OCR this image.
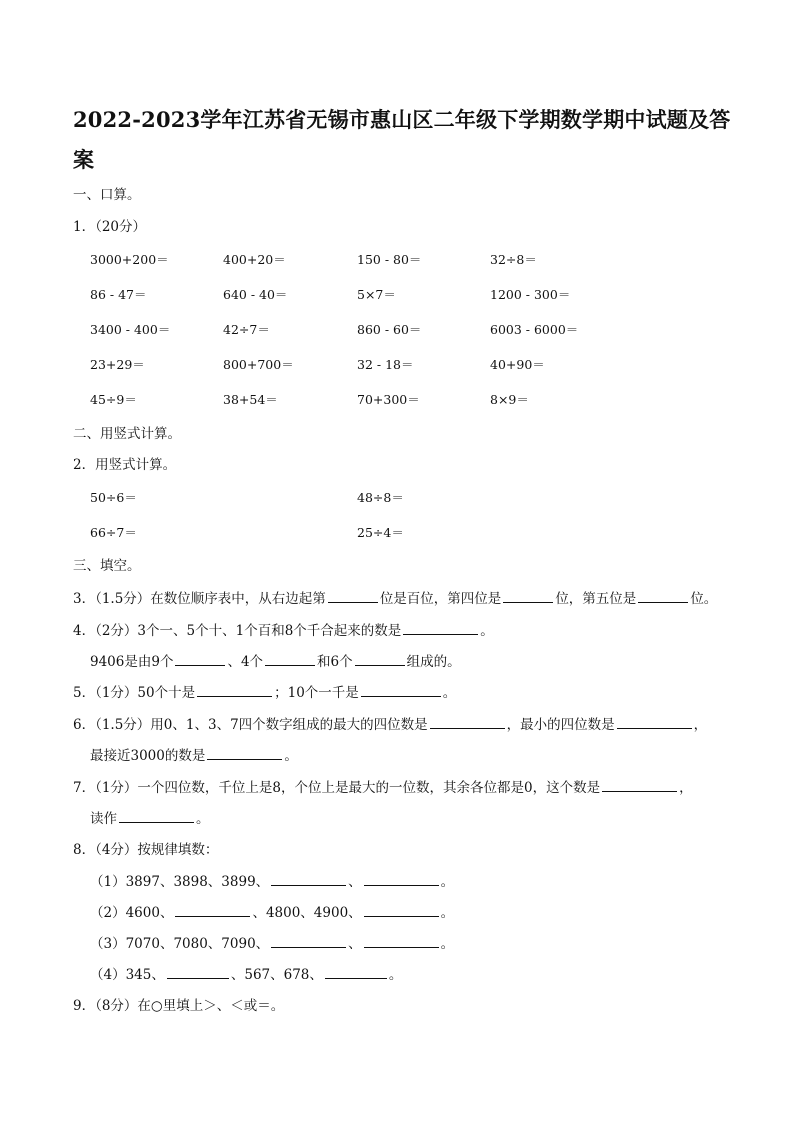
2022-2023学年江苏省无锡市惠山区二年级下学期数学期中试题及答案
一、口算。
1．（20分）
3000+200＝	400+20＝	150 - 80＝	32÷8＝
86 - 47＝	640 - 40＝	5×7＝	1200 - 300＝
3400 - 400＝	42÷7＝	860 - 60＝	6003 - 6000＝
23+29＝	800+700＝	32 - 18＝	40+90＝
45÷9＝	38+54＝	70+300＝	8×9＝
二、用竖式计算。
2．用竖式计算。
50÷6＝	48÷8＝
66÷7＝	25÷4＝
三、填空。
3．（1.5分）在数位顺序表中，从右边起第	位是百位，第四位是	位，第五位是	位。
4．（2分）3个一、5个十、1个百和8个千合起来的数是	。
9406是由9个	、4个	和6个	组成的。
5．（1分）50个十是	；10个一千是	。
6．（1.5分）用0、1、3、7四个数字组成的最大的四位数是	，最小的四位数是	，
最接近3000的数是	。
7．（1分）一个四位数，千位上是8，个位上是最大的一位数，其余各位都是0，这个数是	，
读作	。
8．（4分）按规律填数：
（1）3897、3898、3899、	、	。
（2）4600、	、4800、4900、	。
（3）7070、7080、7090、	、	。
（4）345、	、567、678、	。
9．（8分）在○里填上＞、＜或＝。
